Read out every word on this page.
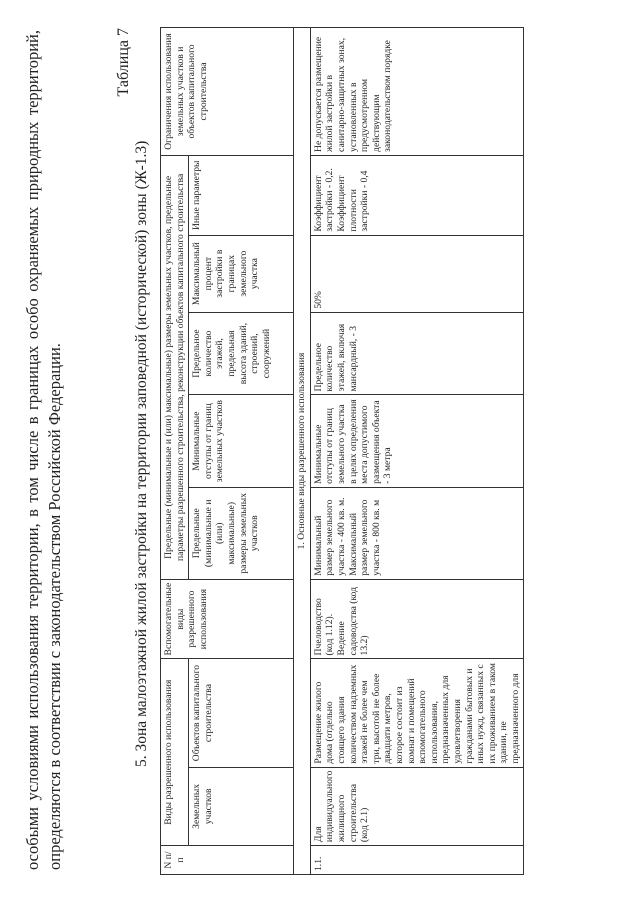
особыми условиями использования территории, в том числе в границах особо охраняемых природных территорий, определяются в соответствии с законодательством Российской Федерации.

Таблица 7
5. Зона малоэтажной жилой застройки на территории заповедной (исторической) зоны (Ж-1.3)
N п/п	Виды разрешенного использования		Вспомогательные виды разрешенного использования	Предельные (минимальные и (или) максимальные) размеры земельных участков, предельные параметры разрешенного строительства, реконструкции объектов капитального строительства					Ограничения использования земельных участков и объектов капитального строительства
	Земельных участков	Объектов капитального строительства		Предельные (минимальные и (или) максимальные) размеры земельных участков	Минимальные отступы от границ земельных участков	Предельное количество этажей, предельная высота зданий, строений, сооружений	Максимальный процент застройки в границах земельного участка	Иные параметры	
1. Основные виды разрешенного использования									
1.1.	Для индивидуального жилищного строительства (код 2.1)	Размещение жилого дома (отдельно стоящего здания количеством надземных этажей не более чем три, высотой не более двадцати метров, которое состоит из комнат и помещений вспомогательного использования, предназначенных для удовлетворения гражданами бытовых и иных нужд, связанных с их проживанием в таком здании, не предназначенного для	Пчеловодство (код 1.12). Ведение садоводства (код 13.2)	Минимальный размер земельного участка - 400 кв. м. Максимальный размер земельного участка - 800 кв. м	Минимальные отступы от границ земельного участка в целях определения места допустимого размещения объекта - 3 метра	Предельное количество этажей, включая мансардный, - 3	50%	Коэффициент застройки - 0,2. Коэффициент плотности застройки - 0,4	Не допускается размещение жилой застройки в санитарно-защитных зонах, установленных в предусмотренном действующим законодательством порядке
